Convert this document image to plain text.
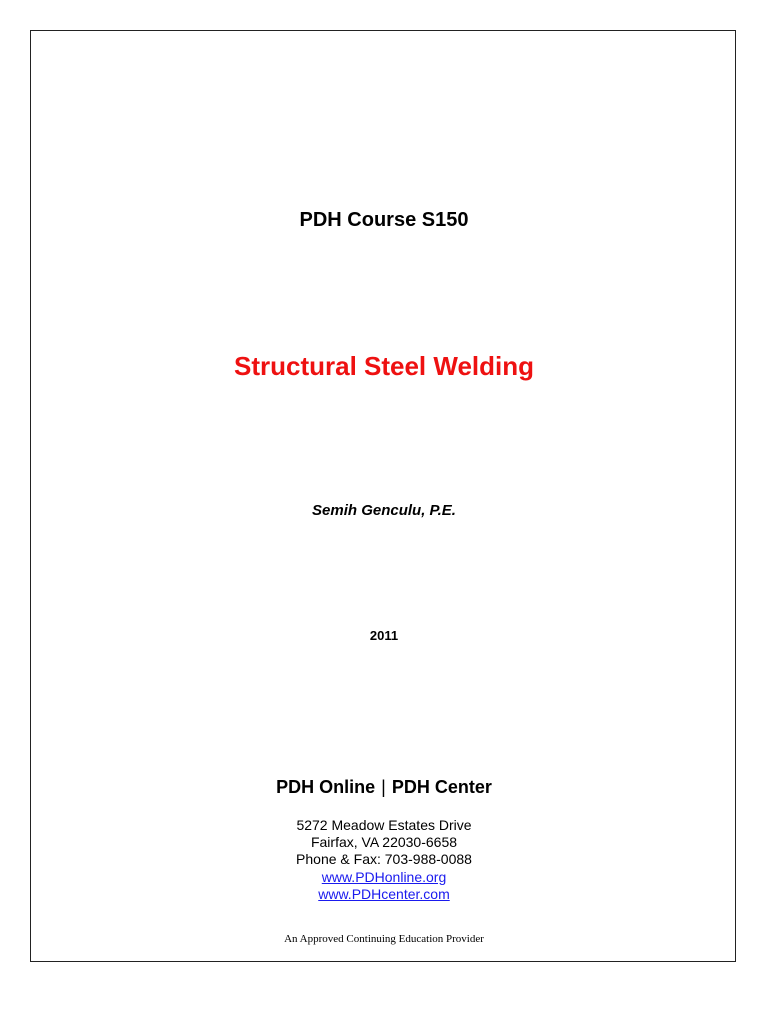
PDH Course S150
Structural Steel Welding
Semih Genculu, P.E.
2011
PDH Online | PDH Center
5272 Meadow Estates Drive
Fairfax, VA 22030-6658
Phone & Fax: 703-988-0088
www.PDHonline.org
www.PDHcenter.com
An Approved Continuing Education Provider
